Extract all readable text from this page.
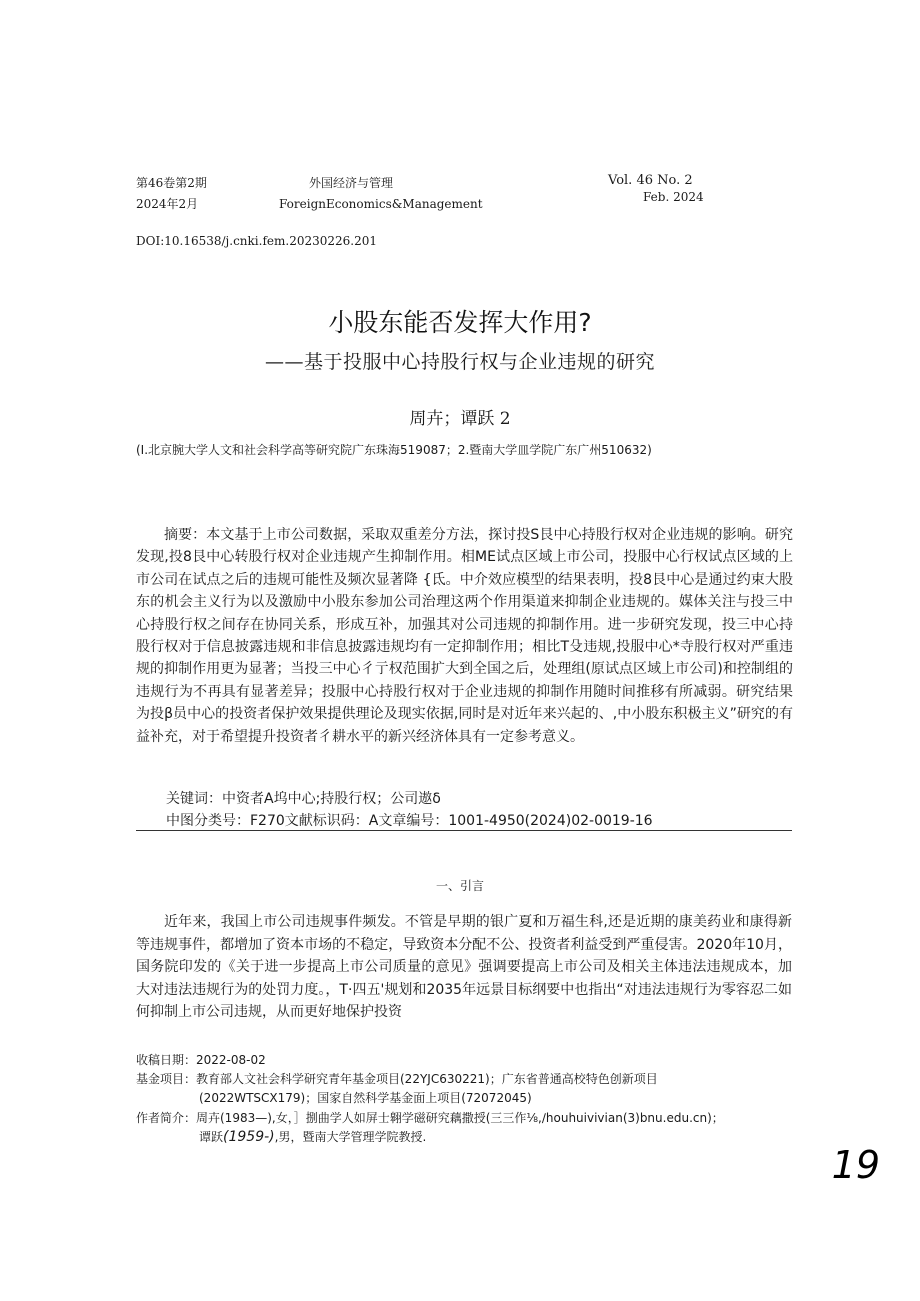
第46卷第2期	外国经济与管理	Vol. 46 No. 2
2024年2月	ForeignEconomics&Management	Feb. 2024
DOI:10.16538∕j.cnki.fem.20230226.201
小股东能否发挥大作用?
——基于投服中心持股行权与企业违规的研究
周卉；谭跃 2
(I.北京腕大学人文和社会科学高等研究院广东珠海519087；2.暨南大学皿学院广东广州510632)

摘要：本文基于上市公司数据，采取双重差分方法，探讨投S艮中心持股行权对企业违规的影响。研究发现,投8艮中心转股行权对企业违规产生抑制作用。相ME试点区域上市公司，投服中心行权试点区域的上市公司在试点之后的违规可能性及频次显著降 {氐。中介效应模型的结果表明，投8艮中心是通过约束大股东的机会主义行为以及激励中小股东参加公司治理这两个作用渠道来抑制企业违规的。媒体关注与投三中心持股行权之间存在协同关系，形成互补，加强其对公司违规的抑制作用。进一步研究发现，投三中心持股行权对于信息披露违规和非信息披露违规均有一定抑制作用；相比T殳违规,投服中心*寺股行权对严重违规的抑制作用更为显著；当投三中心彳亍权范围扩大到全国之后，处理组(原试点区域上市公司)和控制组的违规行为不再具有显著差异；投服中心持股行权对于企业违规的抑制作用随时间推移有所减弱。研究结果为投β员中心的投资者保护效果提供理论及现实依据,同时是对近年来兴起的、,中小股东积极主义”研究的有益补充，对于希望提升投资者彳耕水平的新兴经济体具有一定参考意义。

关键词：中资者A坞中心;持股行权；公司遨δ
中图分类号：F270文献标识码：A文章编号：1001-4950(2024)02-0019-16
一、引言

近年来，我国上市公司违规事件频发。不管是早期的银广夏和万福生科,还是近期的康美药业和康得新等违规事件，都增加了资本市场的不稳定，导致资本分配不公、投资者利益受到严重侵害。2020年10月，国务院印发的《关于进一步提高上市公司质量的意见》强调要提高上市公司及相关主体违法违规成本，加大对违法违规行为的处罚力度。，T·四五'规划和2035年远景目标纲要中也指出“对违法违规行为零容忍二如何抑制上市公司违规，从而更好地保护投资

收稿日期：2022-08-02
基金项目：教育部人文社会科学研究青年基金项目(22YJC630221)；广东省普通高校特色创新项目
(2022WTSCX179)；国家自然科学基金面上项目(72072045)
作者简介：周卉(1983—),女，］捌曲学人如屏士翱学磁研究藕撒授(三三作⅛,∕houhuivivian(3)bnu.edu.cn)；
谭跃(1959-),男，暨南大学管理学院教授.
19
